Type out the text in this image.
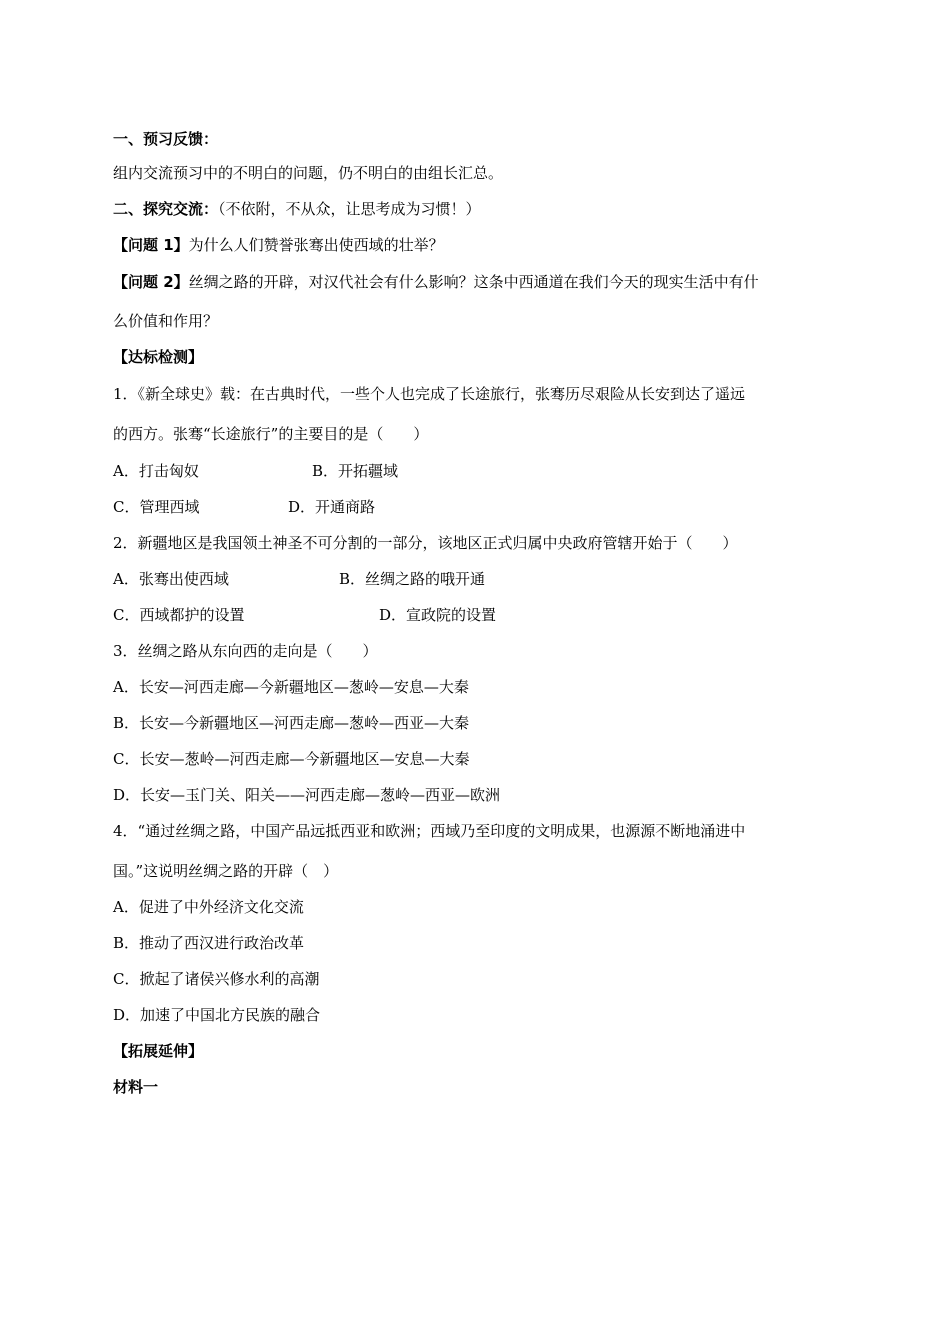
一、预习反馈：
组内交流预习中的不明白的问题，仍不明白的由组长汇总。
二、探究交流：（不依附，不从众，让思考成为习惯！）
【问题 1】为什么人们赞誉张骞出使西域的壮举？
【问题 2】丝绸之路的开辟，对汉代社会有什么影响？这条中西通道在我们今天的现实生活中有什
么价值和作用？
【达标检测】
1．《新全球史》载：在古典时代，一些个人也完成了长途旅行，张骞历尽艰险从长安到达了遥远
的西方。张骞“长途旅行”的主要目的是（　　）
A．打击匈奴	B．开拓疆域
C．管理西域	D．开通商路
2．新疆地区是我国领土神圣不可分割的一部分，该地区正式归属中央政府管辖开始于（　　）
A．张骞出使西域	B．丝绸之路的哦开通
C．西域都护的设置	D．宣政院的设置
3．丝绸之路从东向西的走向是（　　）
A．长安—河西走廊—今新疆地区—葱岭—安息—大秦
B．长安—今新疆地区—河西走廊—葱岭—西亚—大秦
C．长安—葱岭—河西走廊—今新疆地区—安息—大秦
D．长安—玉门关、阳关——河西走廊—葱岭—西亚—欧洲
4．“通过丝绸之路，中国产品远抵西亚和欧洲；西域乃至印度的文明成果，也源源不断地涌进中
国。”这说明丝绸之路的开辟（　）
A．促进了中外经济文化交流
B．推动了西汉进行政治改革
C．掀起了诸侯兴修水利的高潮
D．加速了中国北方民族的融合
【拓展延伸】
材料一
